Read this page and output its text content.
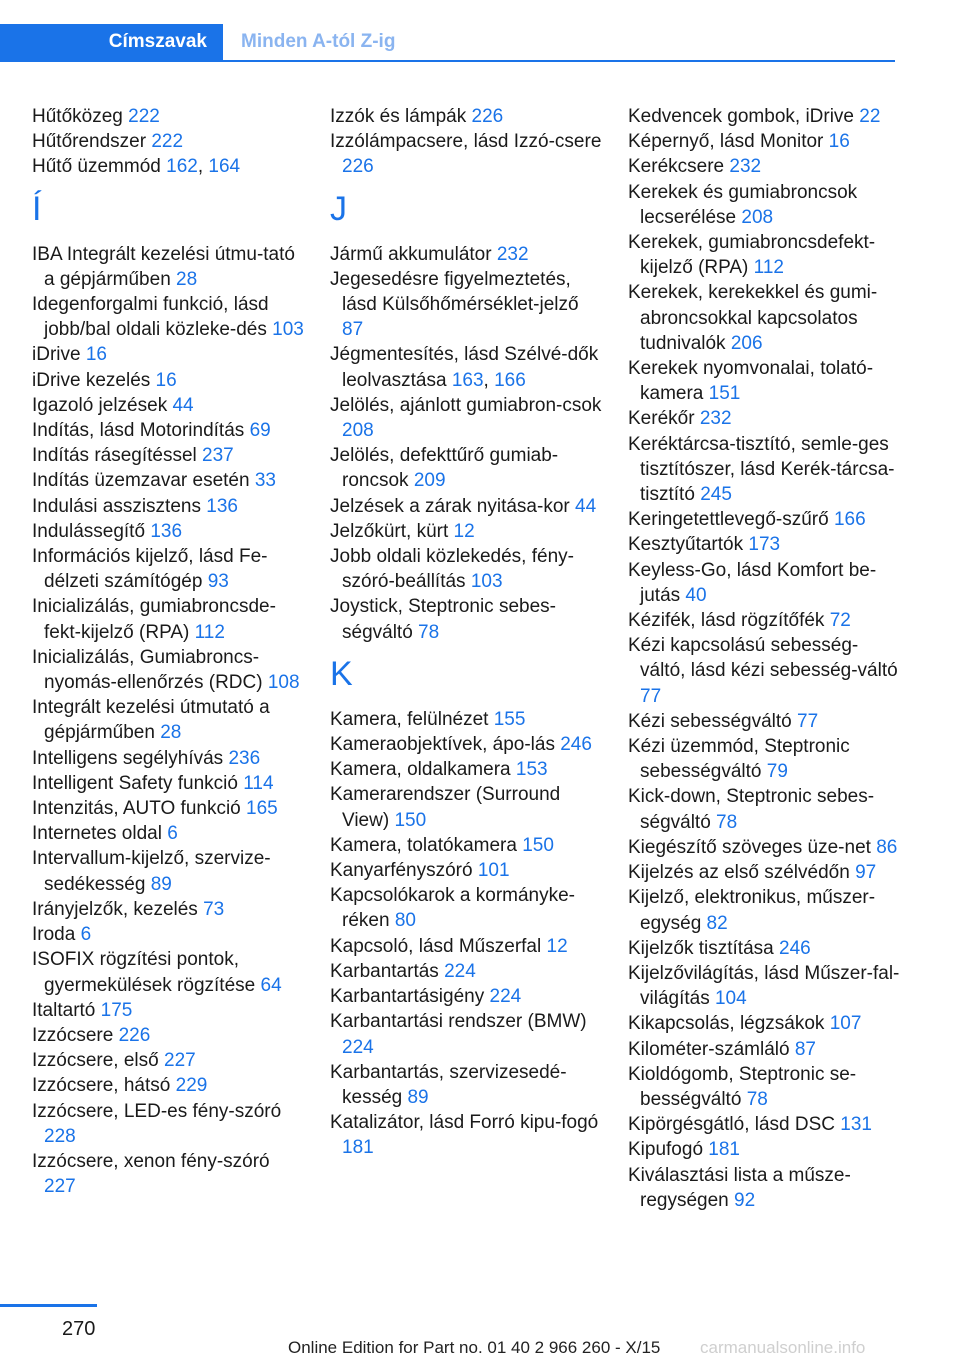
Címszavak Minden A-tól Z-ig

Hűtőközeg 222

Hűtőrendszer 222

Hűtő üzemmód 162, 164

Í

IBA Integrált kezelési útmu-tató a gépjárműben 28

Idegenforgalmi funkció, lásd jobb/bal oldali közleke-dés 103

iDrive 16

iDrive kezelés 16

Igazoló jelzések 44

Indítás, lásd Motorindítás 69

Indítás rásegítéssel 237

Indítás üzemzavar esetén 33

Indulási asszisztens 136

Indulássegítő 136

Információs kijelző, lásd Fe-délzeti számítógép 93

Inicializálás, gumiabroncsde-fekt-kijelző (RPA) 112

Inicializálás, Gumiabroncs-nyomás-ellenőrzés (RDC) 108

Integrált kezelési útmutató a gépjárműben 28

Intelligens segélyhívás 236

Intelligent Safety funkció 114

Intenzitás, AUTO funkció 165

Internetes oldal 6

Intervallum-kijelző, szervize-sedékesség 89

Irányjelzők, kezelés 73

Iroda 6

ISOFIX rögzítési pontok, gyermekülések rögzítése 64

Italtartó 175

Izzócsere 226

Izzócsere, első 227

Izzócsere, hátsó 229

Izzócsere, LED-es fény-szóró 228

Izzócsere, xenon fény-szóró 227

Izzók és lámpák 226

Izzólámpacsere, lásd Izzó-csere 226

J

Jármű akkumulátor 232

Jegesedésre figyelmeztetés, lásd Külsőhőmérséklet-jelző 87

Jégmentesítés, lásd Szélvé-dők leolvasztása 163, 166

Jelölés, ajánlott gumiabron-csok 208

Jelölés, defekttűrő gumiab-roncsok 209

Jelzések a zárak nyitása-kor 44

Jelzőkürt, kürt 12

Jobb oldali közlekedés, fény-szóró-beállítás 103

Joystick, Steptronic sebes-ségváltó 78

K

Kamera, felülnézet 155

Kameraobjektívek, ápo-lás 246

Kamera, oldalkamera 153

Kamerarendszer (Surround View) 150

Kamera, tolatókamera 150

Kanyarfényszóró 101

Kapcsolókarok a kormányke-réken 80

Kapcsoló, lásd Műszerfal 12

Karbantartás 224

Karbantartásigény 224

Karbantartási rendszer (BMW) 224

Karbantartás, szervizesedé-kesség 89

Katalizátor, lásd Forró kipu-fogó 181

Kedvencek gombok, iDrive 22

Képernyő, lásd Monitor 16

Kerékcsere 232

Kerekek és gumiabroncsok lecserélése 208

Kerekek, gumiabroncsdefekt-kijelző (RPA) 112

Kerekek, kerekekkel és gumi-abroncsokkal kapcsolatos tudnivalók 206

Kerekek nyomvonalai, tolató-kamera 151

Kerékőr 232

Keréktárcsa-tisztító, semle-ges tisztítószer, lásd Kerék-tárcsa-tisztító 245

Keringetettlevegő-szűrő 166

Kesztyűtartók 173

Keyless-Go, lásd Komfort be-jutás 40

Kézifék, lásd rögzítőfék 72

Kézi kapcsolású sebesség-váltó, lásd kézi sebesség-váltó 77

Kézi sebességváltó 77

Kézi üzemmód, Steptronic sebességváltó 79

Kick-down, Steptronic sebes-ségváltó 78

Kiegészítő szöveges üze-net 86

Kijelzés az első szélvédőn 97

Kijelző, elektronikus, műszer-egység 82

Kijelzők tisztítása 246

Kijelzővilágítás, lásd Műszer-fal-világítás 104

Kikapcsolás, légzsákok 107

Kilométer-számláló 87

Kioldógomb, Steptronic se-bességváltó 78

Kipörgésgátló, lásd DSC 131

Kipufogó 181

Kiválasztási lista a műsze-regységen 92

270
Online Edition for Part no. 01 40 2 966 260 - X/15 carmanualsonline.info
